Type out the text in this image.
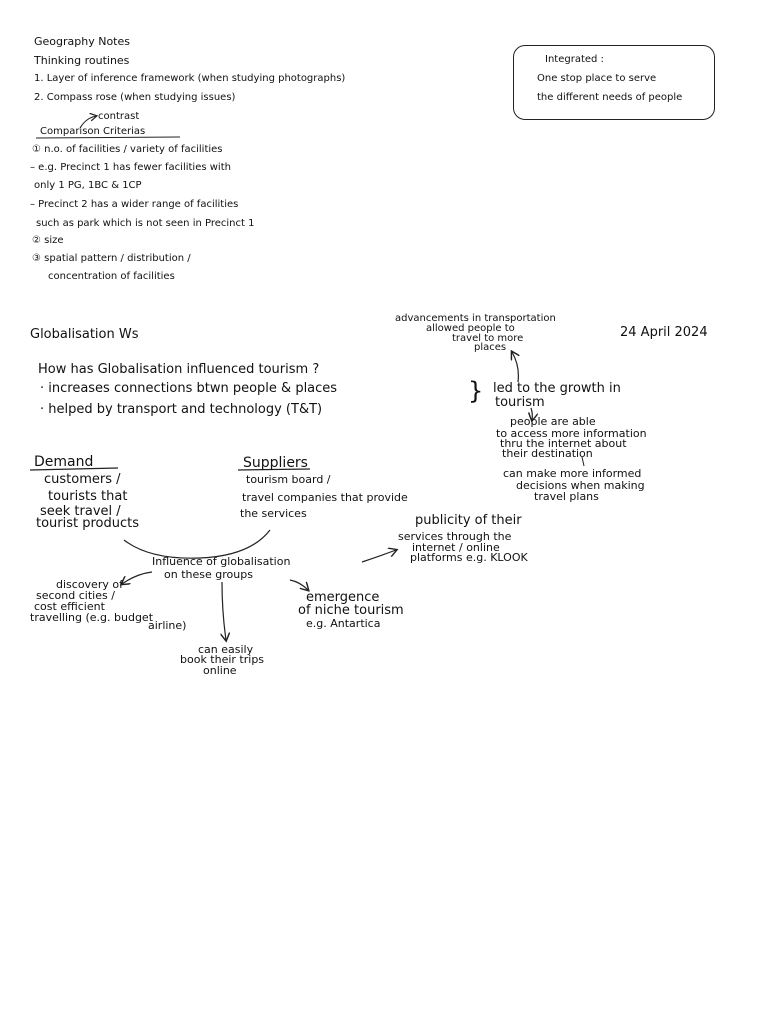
Geography Notes
Thinking routines
1. Layer of inference framework (when studying photographs)
2. Compass rose (when studying issues)
contrast
Comparison Criterias
① n.o. of facilities / variety of facilities
– e.g. Precinct 1 has fewer facilities with
only 1 PG, 1BC & 1CP
– Precinct 2 has a wider range of facilities
such as park which is not seen in Precinct 1
② size
③ spatial pattern / distribution /
concentration of facilities
Integrated :
One stop place to serve
the different needs of people
Globalisation Ws	24 April 2024
advancements in transportation
allowed people to
travel to more
places
How has Globalisation influenced tourism ?
· increases connections btwn people & places
· helped by transport and technology (T&T)
} led to the growth in
tourism
people are able
to access more information
thru the internet about
their destination
can make more informed
decisions when making
travel plans
Demand
customers /
tourists that
seek travel /
tourist products
Suppliers
tourism board /
travel companies that provide
the services	publicity of their
services through the
internet / online
platforms e.g. KLOOK
Influence of globalisation
on these groups
discovery of
second cities /
cost efficient
travelling (e.g. budget
airline)
emergence
of niche tourism
e.g. Antartica
can easily
book their trips
online
